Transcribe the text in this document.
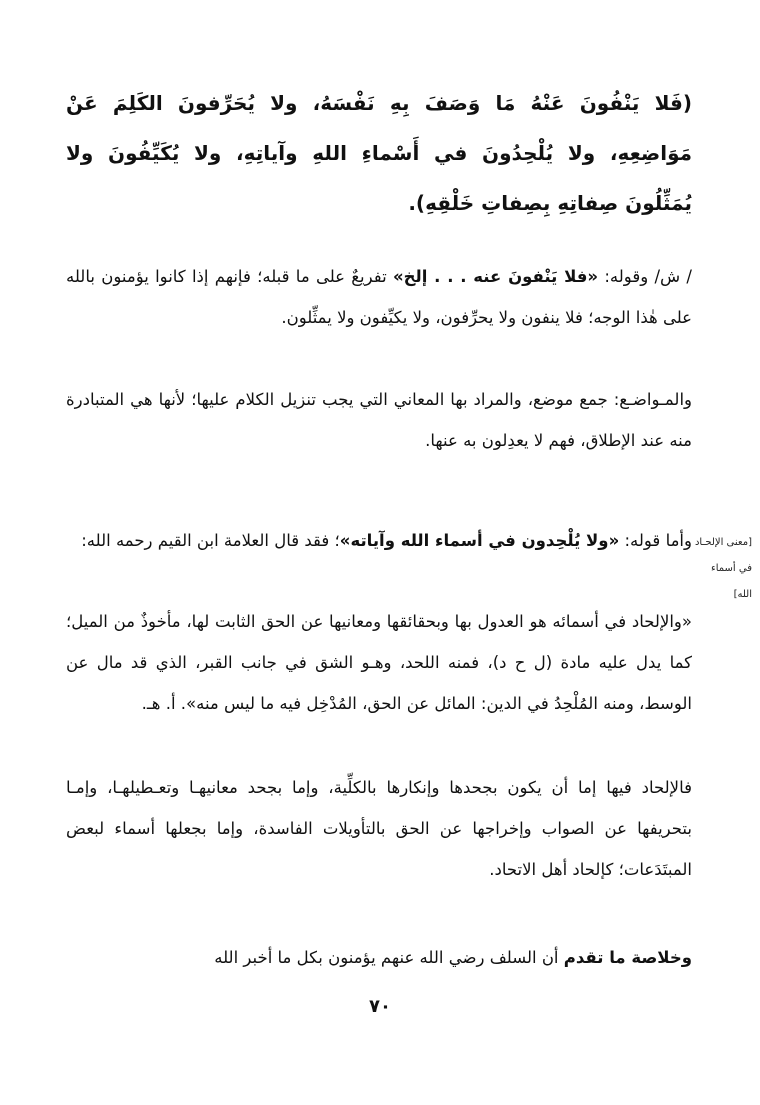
(فَلا يَنْفُونَ عَنْهُ مَا وَصَفَ بِهِ نَفْسَهُ، ولا يُحَرِّفونَ الكَلِمَ عَنْ مَوَاضِعِهِ، ولا يُلْحِدُونَ في أَسْماءِ اللهِ وآياتِهِ، ولا يُكَيِّفُونَ ولا يُمَثِّلُونَ صِفاتِهِ بِصِفاتِ خَلْقِهِ).
/ ش/ وقوله: «فلا يَنْفونَ عنه . . . إلخ» تفريعٌ على ما قبله؛ فإنهم إذا كانوا يؤمنون بالله على هٰذا الوجه؛ فلا ينفون ولا يحرِّفون، ولا يكيِّفون ولا يمثِّلون.
والمـواضـع: جمع موضع، والمراد بها المعاني التي يجب تنزيل الكلام عليها؛ لأنها هي المتبادرة منه عند الإطلاق، فهم لا يعدِلون به عنها.
[معنى الإلحـاد في أسماء الله]
وأما قوله: «ولا يُلْحِدون في أسماء الله وآياته»؛ فقد قال العلامة ابن القيم رحمه الله:
«والإلحاد في أسمائه هو العدول بها وبحقائقها ومعانيها عن الحق الثابت لها، مأخوذٌ من الميل؛ كما يدل عليه مادة (ل ح د)، فمنه اللحد، وهـو الشق في جانب القبر، الذي قد مال عن الوسط، ومنه المُلْحِدُ في الدين: المائل عن الحق، المُدْخِل فيه ما ليس منه». أ. هـ.
فالإلحاد فيها إما أن يكون بجحدها وإنكارها بالكلِّية، وإما بجحد معانيهـا وتعـطيلهـا، وإمـا بتحريفها عن الصواب وإخراجها عن الحق بالتأويلات الفاسدة، وإما بجعلها أسماء لبعض المبتَدَعات؛ كإلحاد أهل الاتحاد.
وخلاصة ما تقدم أن السلف رضي الله عنهم يؤمنون بكل ما أخبر الله
٧٠
